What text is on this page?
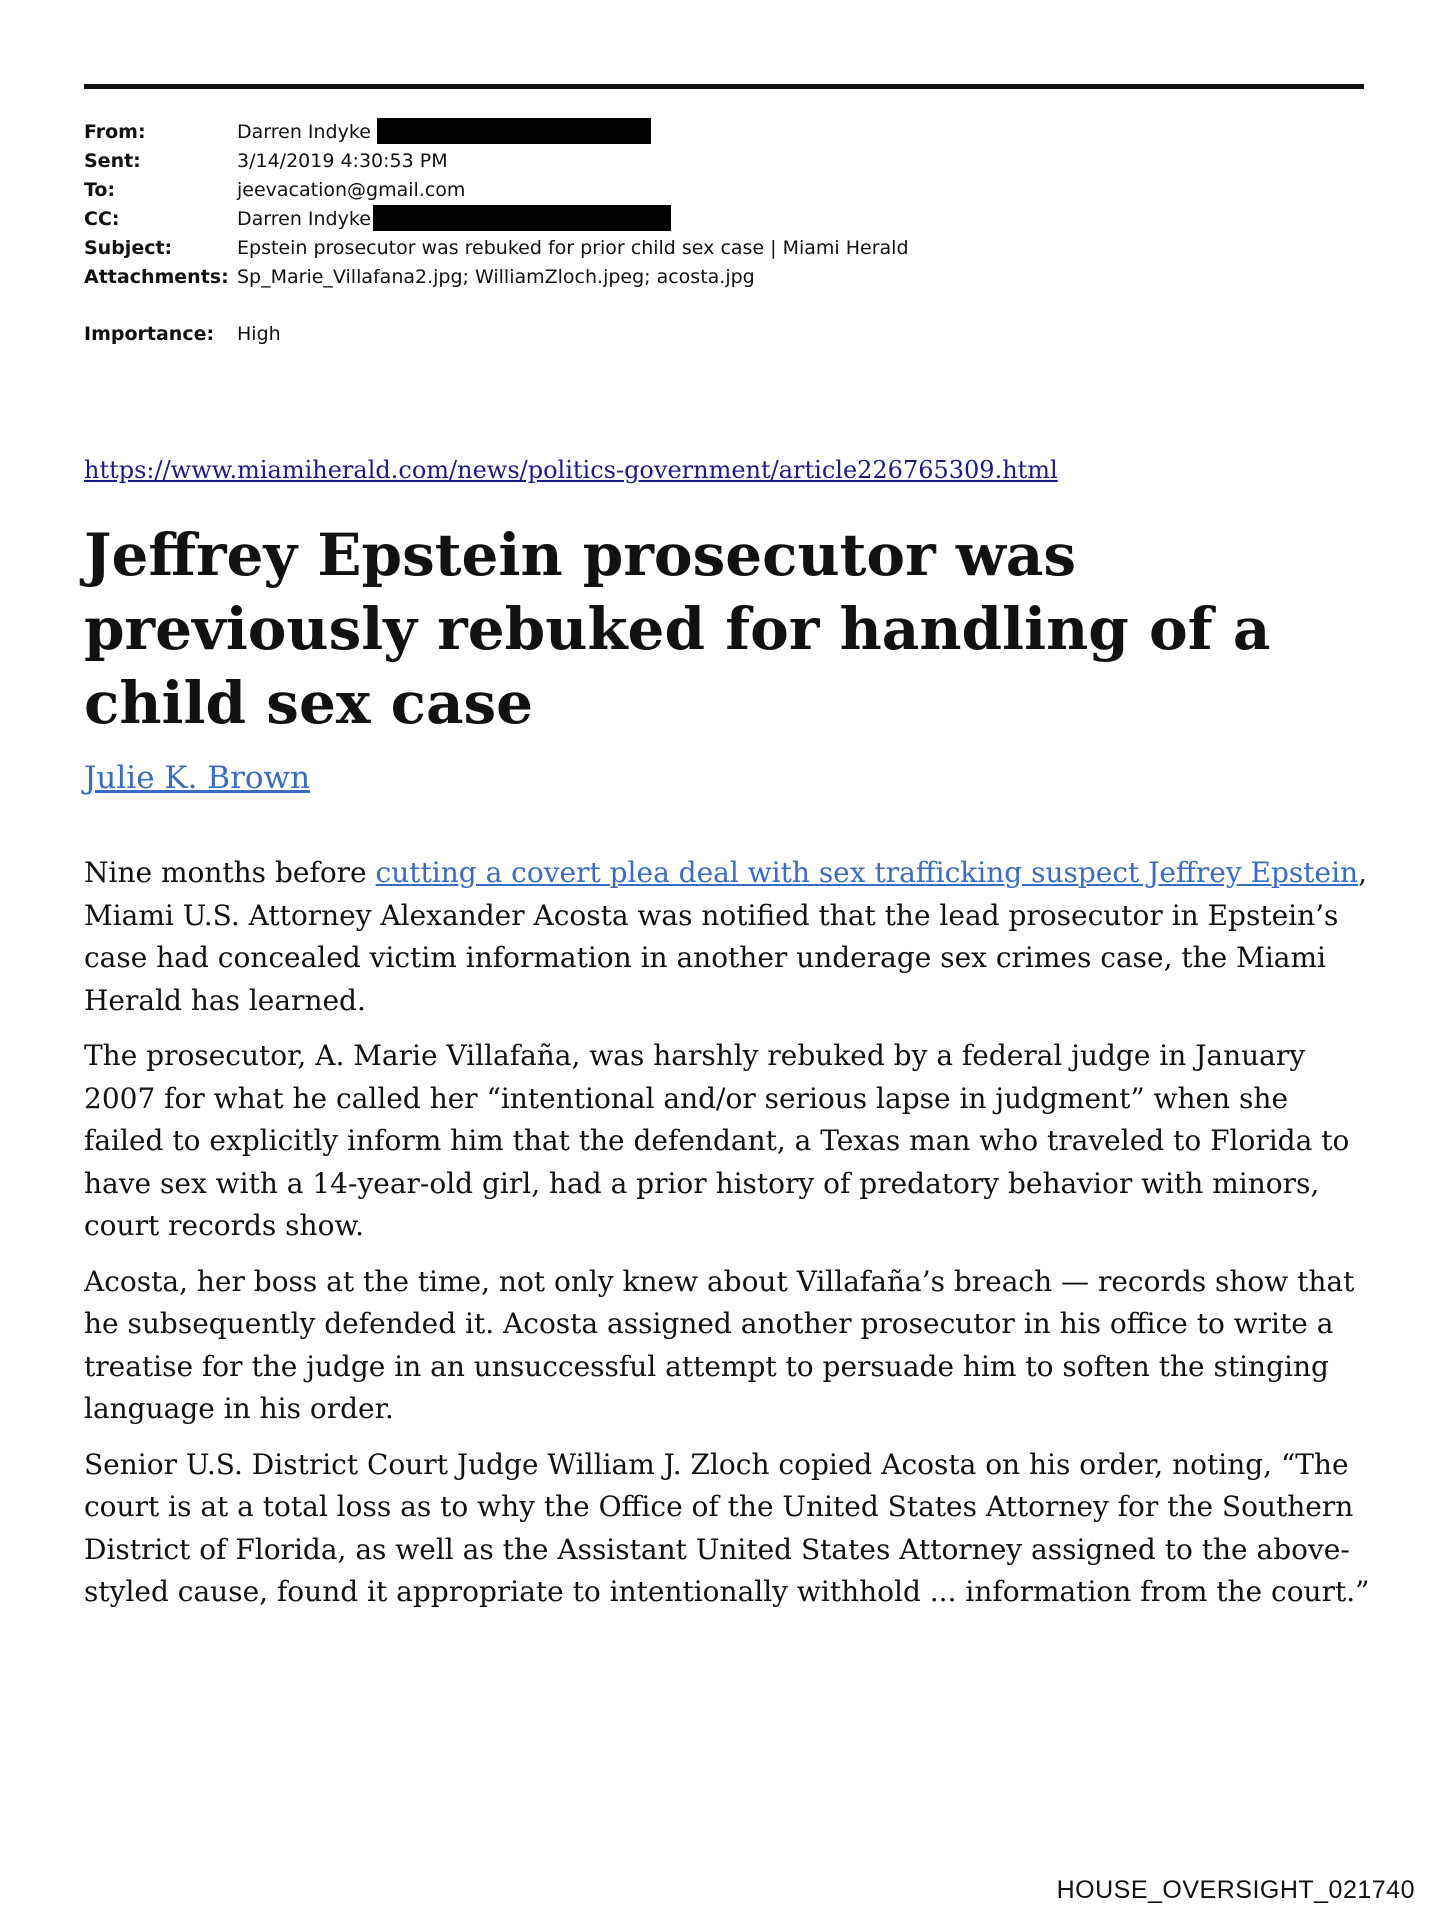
From:	Darren Indyke
Sent:	3/14/2019 4:30:53 PM
To:	jeevacation@gmail.com
CC:	Darren Indyke
Subject:	Epstein prosecutor was rebuked for prior child sex case | Miami Herald
Attachments: Sp_Marie_Villafana2.jpg; WilliamZloch.jpeg; acosta.jpg
Importance: High
https://www.miamiherald.com/news/politics-government/article226765309.html
Jeffrey Epstein prosecutor was previously rebuked for handling of a child sex case
Julie K. Brown

Nine months before cutting a covert plea deal with sex trafficking suspect Jeffrey Epstein, Miami U.S. Attorney Alexander Acosta was notified that the lead prosecutor in Epstein’s case had concealed victim information in another underage sex crimes case, the Miami Herald has learned.

The prosecutor, A. Marie Villafaña, was harshly rebuked by a federal judge in January 2007 for what he called her “intentional and/or serious lapse in judgment” when she failed to explicitly inform him that the defendant, a Texas man who traveled to Florida to have sex with a 14-year-old girl, had a prior history of predatory behavior with minors, court records show.

Acosta, her boss at the time, not only knew about Villafaña’s breach — records show that he subsequently defended it. Acosta assigned another prosecutor in his office to write a treatise for the judge in an unsuccessful attempt to persuade him to soften the stinging language in his order.

Senior U.S. District Court Judge William J. Zloch copied Acosta on his order, noting, “The court is at a total loss as to why the Office of the United States Attorney for the Southern District of Florida, as well as the Assistant United States Attorney assigned to the above-styled cause, found it appropriate to intentionally withhold ... information from the court.”

HOUSE_OVERSIGHT_021740
